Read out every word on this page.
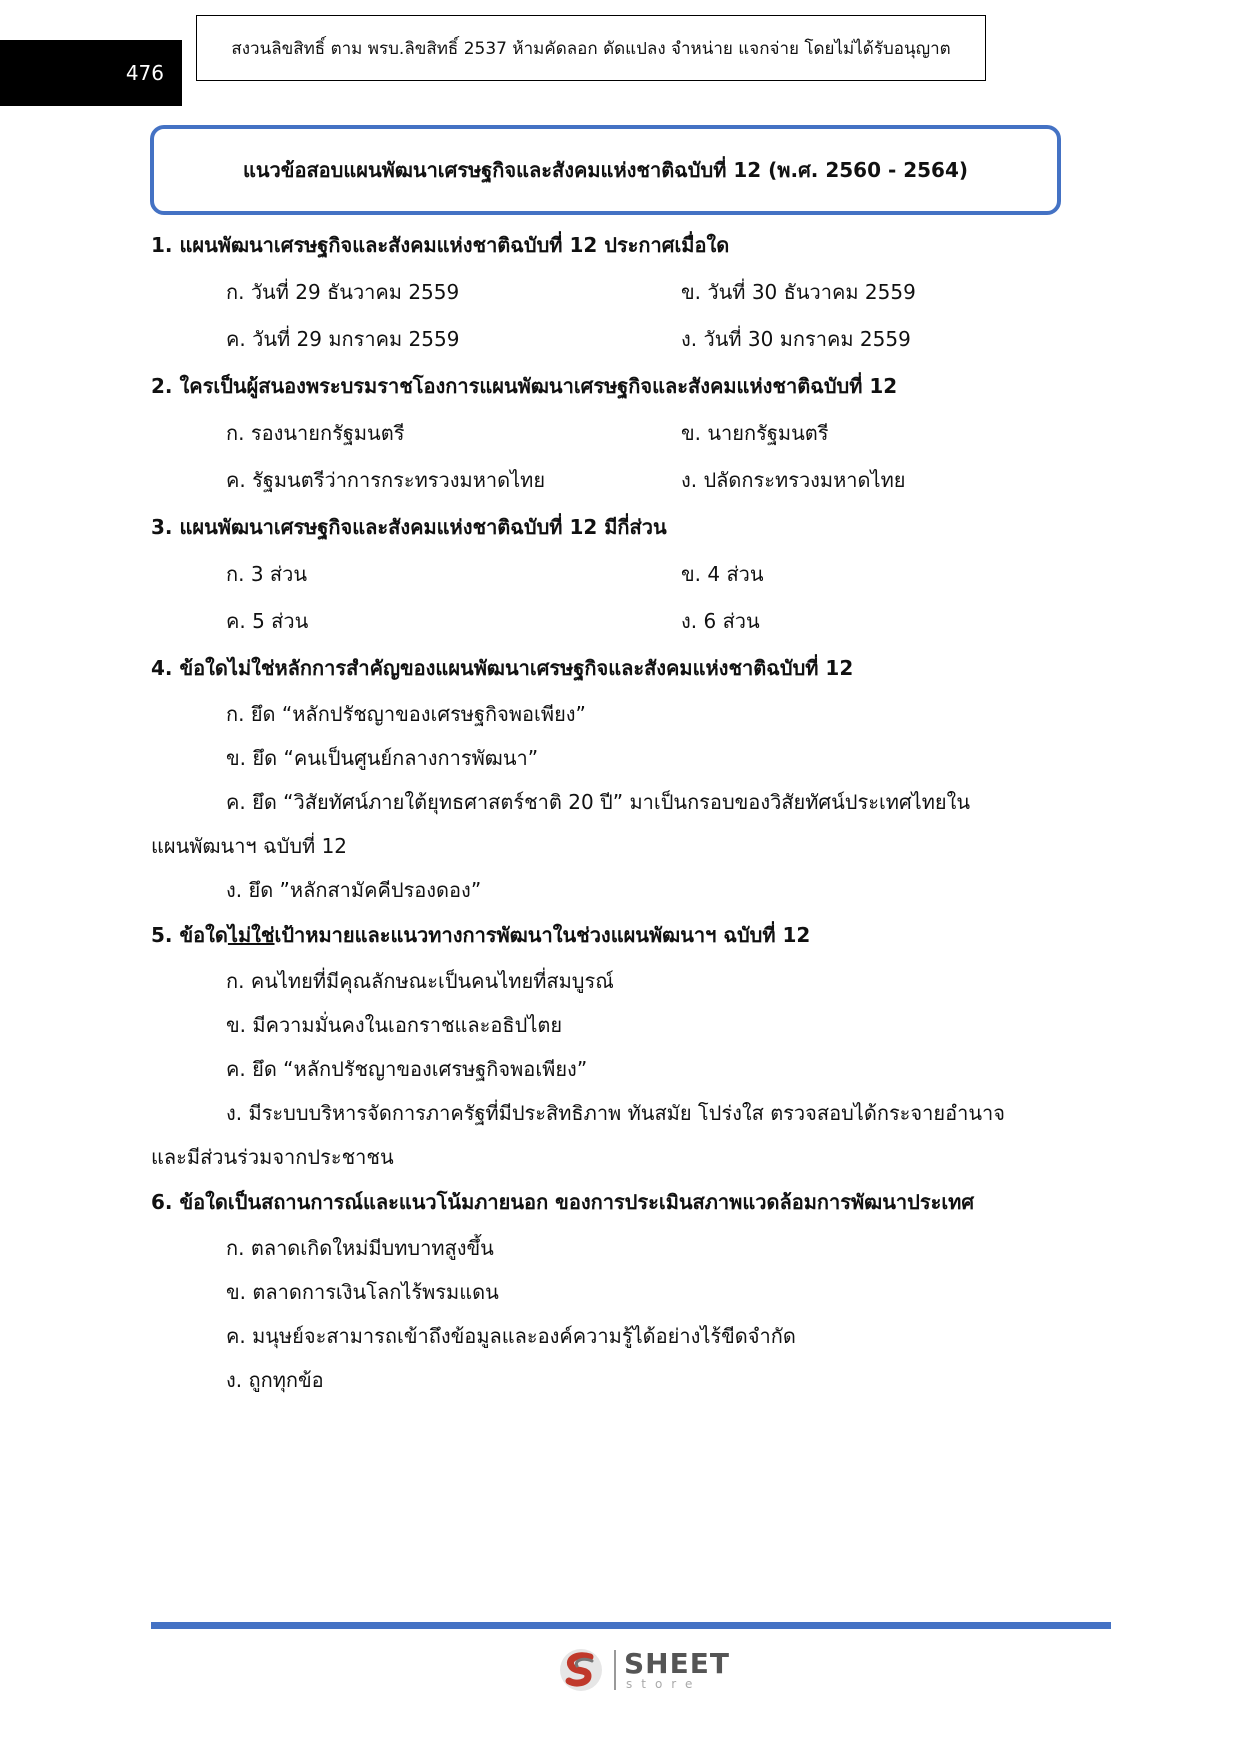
476
สงวนลิขสิทธิ์ ตาม พรบ.ลิขสิทธิ์ 2537 ห้ามคัดลอก ดัดแปลง จำหน่าย แจกจ่าย โดยไม่ได้รับอนุญาต
แนวข้อสอบแผนพัฒนาเศรษฐกิจและสังคมแห่งชาติฉบับที่ 12 (พ.ศ. 2560 - 2564)
1. แผนพัฒนาเศรษฐกิจและสังคมแห่งชาติฉบับที่ 12 ประกาศเมื่อใด
ก. วันที่ 29 ธันวาคม 2559	ข. วันที่ 30 ธันวาคม 2559
ค. วันที่ 29 มกราคม 2559	ง. วันที่ 30 มกราคม 2559
2. ใครเป็นผู้สนองพระบรมราชโองการแผนพัฒนาเศรษฐกิจและสังคมแห่งชาติฉบับที่ 12
ก. รองนายกรัฐมนตรี	ข. นายกรัฐมนตรี
ค. รัฐมนตรีว่าการกระทรวงมหาดไทย	ง. ปลัดกระทรวงมหาดไทย
3. แผนพัฒนาเศรษฐกิจและสังคมแห่งชาติฉบับที่ 12 มีกี่ส่วน
ก. 3 ส่วน	ข. 4 ส่วน
ค. 5 ส่วน	ง. 6 ส่วน
4. ข้อใดไม่ใช่หลักการสำคัญของแผนพัฒนาเศรษฐกิจและสังคมแห่งชาติฉบับที่ 12
ก. ยึด “หลักปรัชญาของเศรษฐกิจพอเพียง”
ข. ยึด “คนเป็นศูนย์กลางการพัฒนา”
ค. ยึด “วิสัยทัศน์ภายใต้ยุทธศาสตร์ชาติ 20 ปี” มาเป็นกรอบของวิสัยทัศน์ประเทศไทยใน
แผนพัฒนาฯ ฉบับที่ 12
ง. ยึด ”หลักสามัคคีปรองดอง”
5. ข้อใดไม่ใช่เป้าหมายและแนวทางการพัฒนาในช่วงแผนพัฒนาฯ ฉบับที่ 12
ก. คนไทยที่มีคุณลักษณะเป็นคนไทยที่สมบูรณ์
ข. มีความมั่นคงในเอกราชและอธิปไตย
ค. ยึด “หลักปรัชญาของเศรษฐกิจพอเพียง”
ง. มีระบบบริหารจัดการภาครัฐที่มีประสิทธิภาพ ทันสมัย โปร่งใส ตรวจสอบได้กระจายอำนาจ
และมีส่วนร่วมจากประชาชน
6. ข้อใดเป็นสถานการณ์และแนวโน้มภายนอก ของการประเมินสภาพแวดล้อมการพัฒนาประเทศ
ก. ตลาดเกิดใหม่มีบทบาทสูงขึ้น
ข. ตลาดการเงินโลกไร้พรมแดน
ค. มนุษย์จะสามารถเข้าถึงข้อมูลและองค์ความรู้ได้อย่างไร้ขีดจำกัด
ง. ถูกทุกข้อ
SHEET
store
